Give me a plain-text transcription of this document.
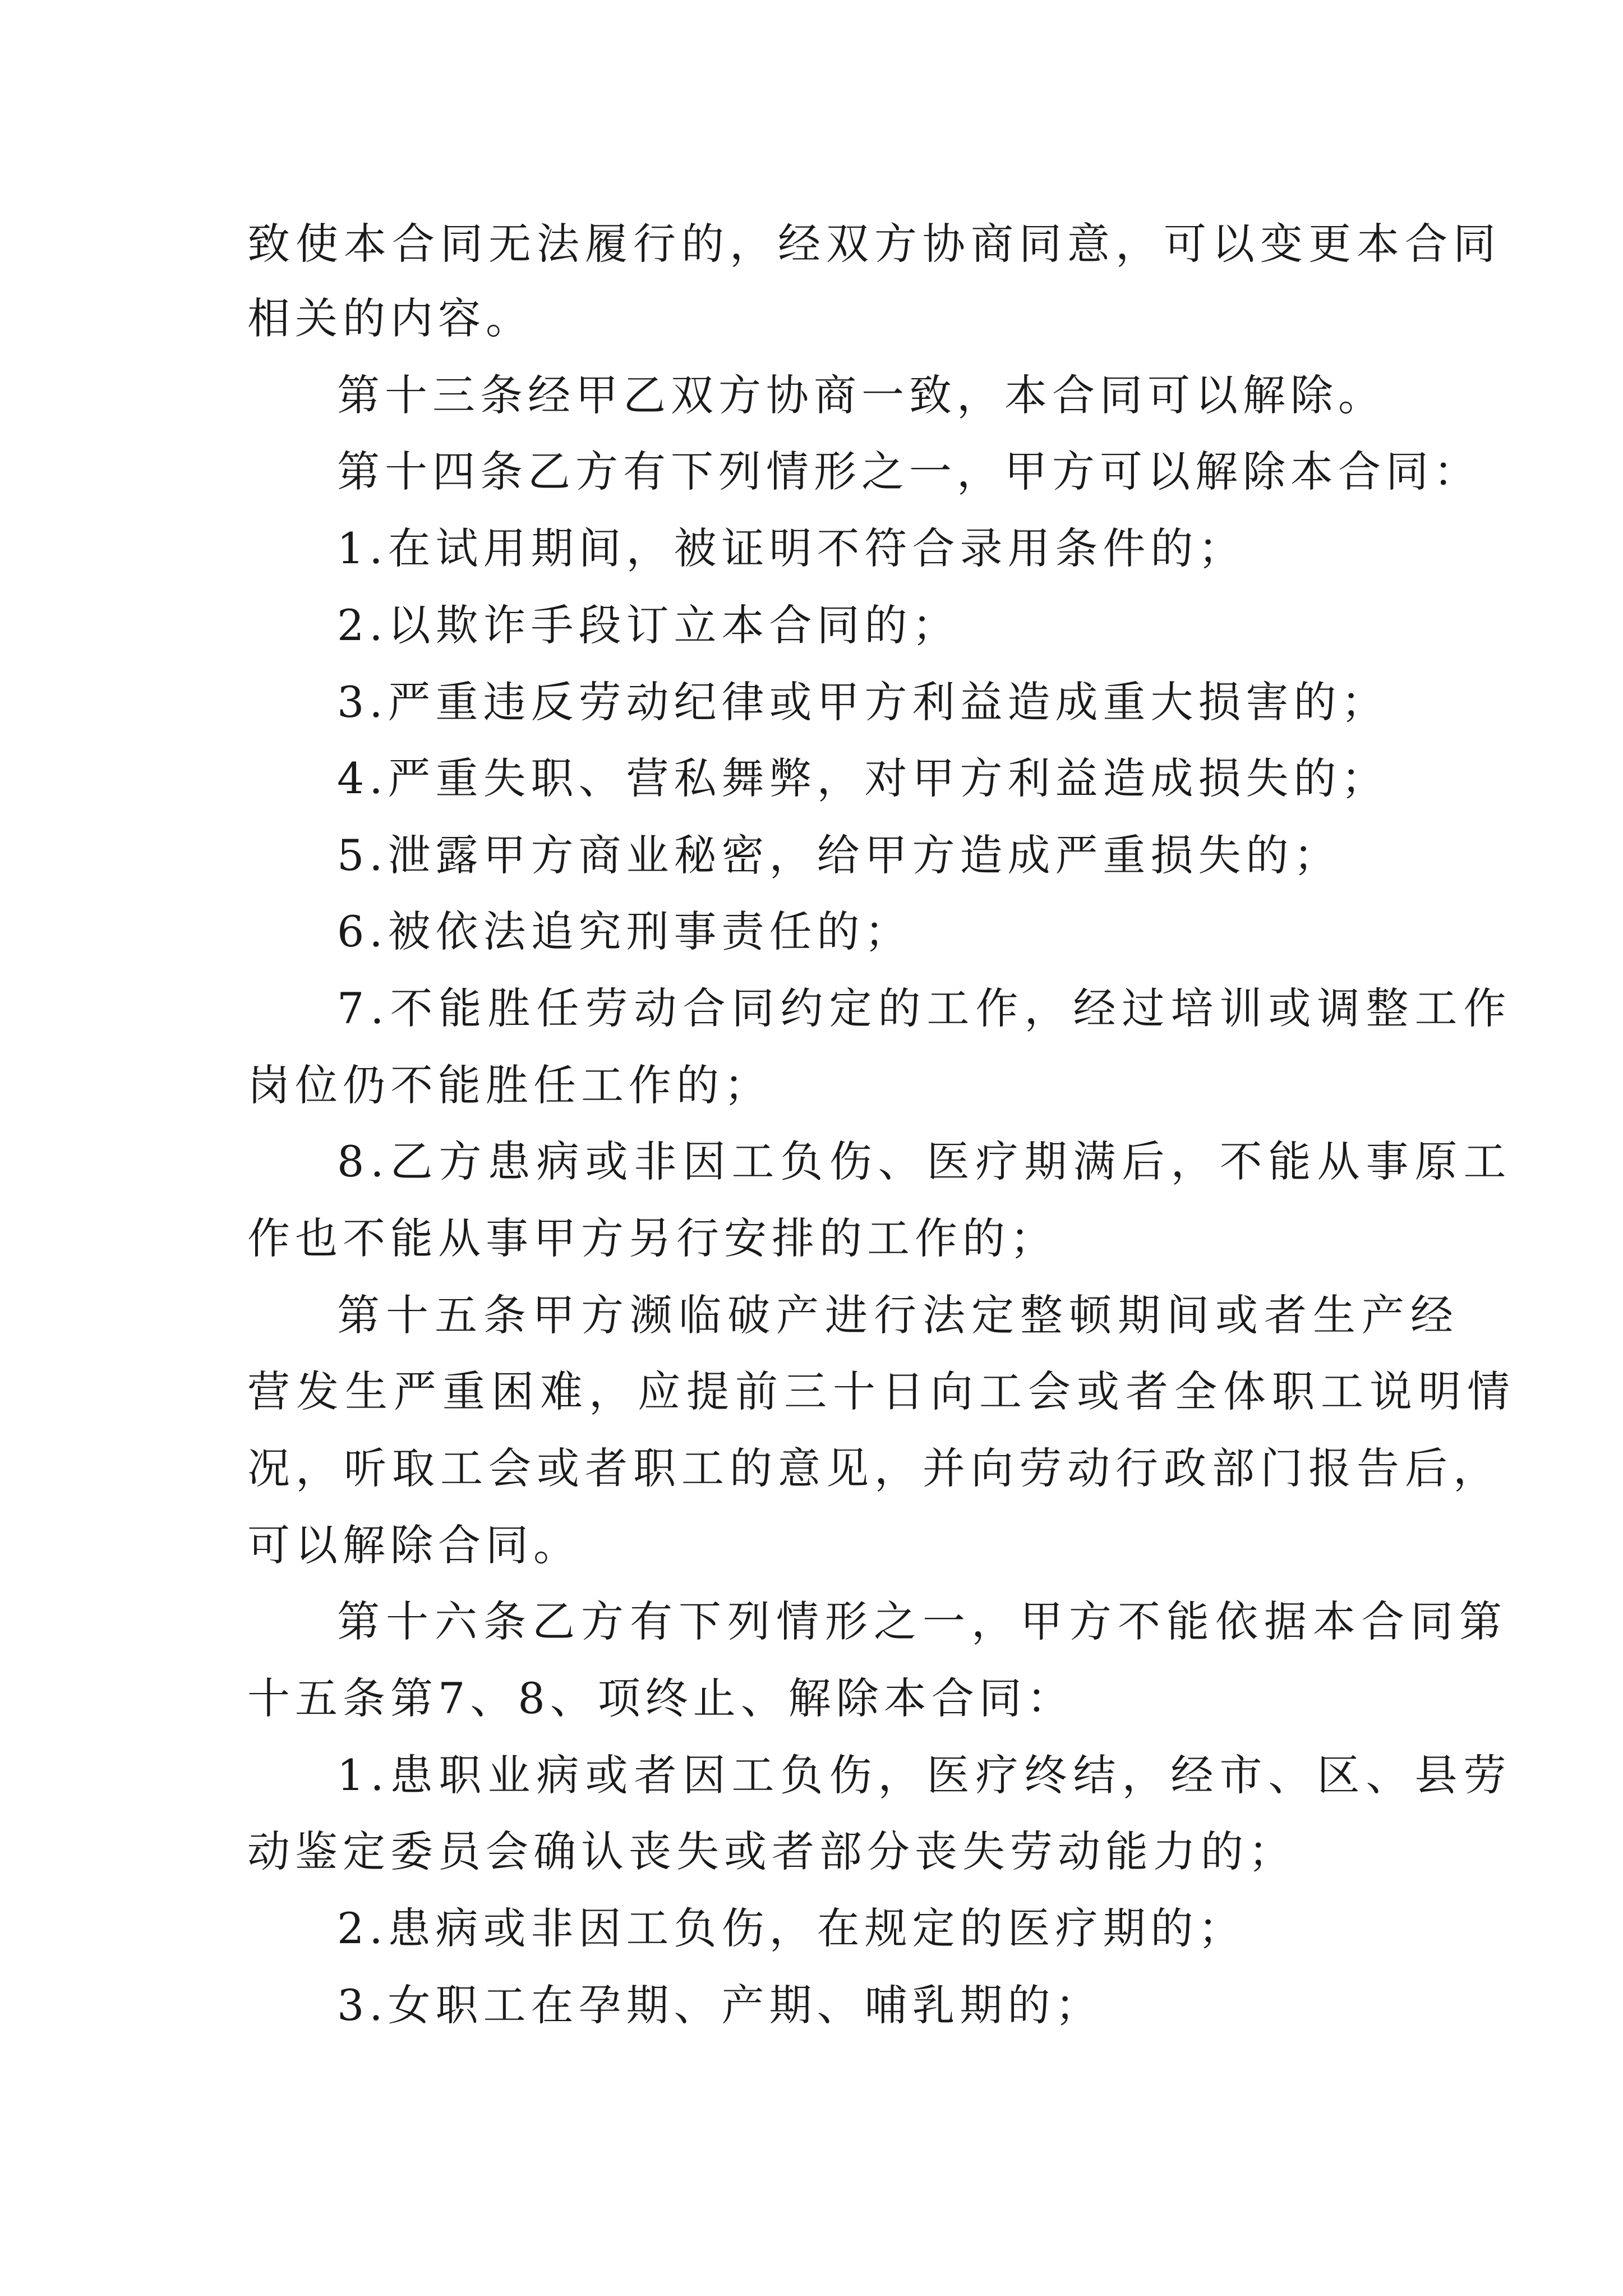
致使本合同无法履行的，经双方协商同意，可以变更本合同
相关的内容。
第十三条经甲乙双方协商一致，本合同可以解除。
第十四条乙方有下列情形之一，甲方可以解除本合同：
1.在试用期间，被证明不符合录用条件的；
2.以欺诈手段订立本合同的；
3.严重违反劳动纪律或甲方利益造成重大损害的；
4.严重失职、营私舞弊，对甲方利益造成损失的；
5.泄露甲方商业秘密，给甲方造成严重损失的；
6.被依法追究刑事责任的；
7.不能胜任劳动合同约定的工作，经过培训或调整工作
岗位仍不能胜任工作的；
8.乙方患病或非因工负伤、医疗期满后，不能从事原工
作也不能从事甲方另行安排的工作的；
第十五条甲方濒临破产进行法定整顿期间或者生产经
营发生严重困难，应提前三十日向工会或者全体职工说明情
况，听取工会或者职工的意见，并向劳动行政部门报告后，
可以解除合同。
第十六条乙方有下列情形之一，甲方不能依据本合同第
十五条第7、8、项终止、解除本合同：
1.患职业病或者因工负伤，医疗终结，经市、区、县劳
动鉴定委员会确认丧失或者部分丧失劳动能力的；
2.患病或非因工负伤，在规定的医疗期的；
3.女职工在孕期、产期、哺乳期的；
